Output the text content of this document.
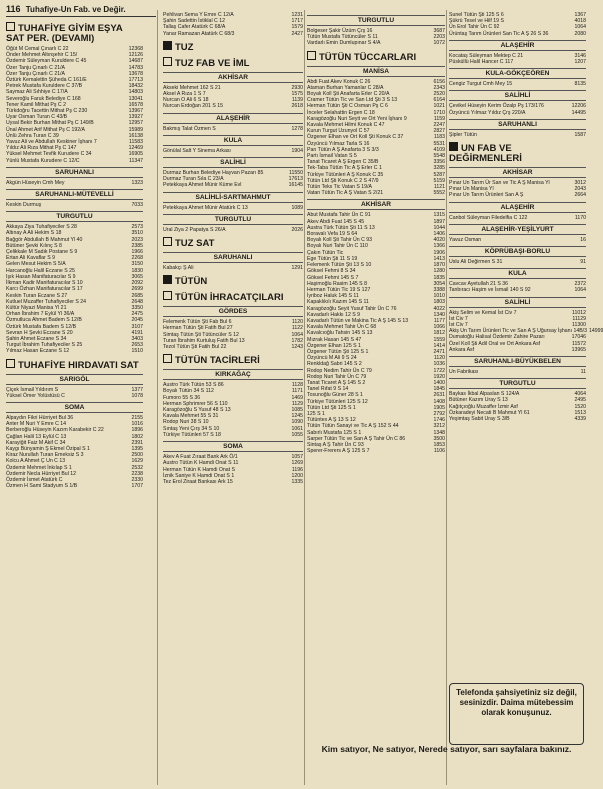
116 Tuhafiye-Un Fab. ve Değir.
TUHAFİYE GİYİM EŞYA SAT PER. (DEVAMI)
Öğüt M Cemal Çınarlı C 22	12368
Önder Mehmet Altınşehir C 15/	12126
Özdemir Süleyman Kuruldere C 45	14687
Özer Tanju Çınarlı C 21/A	14783
Özer Tanju Çınarlı C 21/A	13678
Öztürk Kemalettin Şüheda C 161/E	17713
Petrek Mustafa Kuruldere C 37/B	18432
Saymaz Ali Sıhhiye C 17/A	14803
Severoğlu Faruk Belediye C 168	13041
Tener Kamil Mithat Pş C 2	16578
Türkdoğru Tacettin Mithat Pş C 230	13967
Uyar Osman Turan C 43/B	13927
Uysal Bekir Burhan Mithat Pş C 149/B	12957
Ünal Ahmet Arif Mithat Pş C 192/A	15989
Ünlü Zehra Turan C 39	16138
Yavuz Ali ve Abdullah Keskiner İşhanı 7	11583
Yıldız Ali Rıza Mithat Pş C 147	12469
Yüksel Mehmet Tevfik Kurudere C 34	16905
Yünlü Mustafa Kurudere C 12/C	11347
SARUHANLI
Akgün Hüseyin Cmh Mey	1323
SARUHANLI-MÜTEVELLİ
Keskin Durmuş	7033
TURGUTLU
Akkaya Ziya Tuhafiyeciler S 28	2573
Altınay A Ali Hekim S 18	3510
Bağgör Abdullah B Mahmut Yl 40	2023
Bütüner Şevki Kılınç S 8	2385
Çelikkale M Sadık Postane S 9	1966
Ertan Ali Kavaflar S 9	2268
Gelen Mesut Hekim S 5/A	3150
Harcanoğlu Halil Eczane S 25	1830
Işık Hasan Manifaturacılar S 9	3065
İlkman Kadir Manifaturacılar S 10	2092
Karcı Özhan Manifaturacılar S 17	2699
Keskin Turan Eczane S 27	2685
Kutluel Muzaffer Tuhafiyeciler S 24	2648
Kültür Niyazi Manisa Yl 21	3350
Orhan İbrahim 7 Eylül Yl 36/A	2475
Özmutluca Ahmet Badem S 12/B	2045
Öztürk Mustafa Badem S 12/B	3107
Sevran H Şevki Eczane S 20	4191
Şahin Ahmet Eczane S 34	3403
Turgut İbrahim Tuhafiyeciler S 25	2653
Yılmaz Hasan Eczane S 12	1510
TUHAFİYE HIRDAVATI SAT
SARIGÖL
Çiçek İsmail Yıldırım S	1377
Yüksel Ömer Yolüstüsü C	1078
SOMA
Alpaydın Fikri Hürriyet Bul 36	2155
Anter M Nuri Y Emre C 14	1016
Berberoğlu Hüseyin Kazım Karabekir C 22	1896
Çağlan Halil 13 Eylül C 13	1802
Karayiğit Faiz M Akif C 34	2391
Kaygı Bünyamin Ş Ekmel Özipal S 1	1395
Kiraz Nurullah Turan Emeksiz S 3	2500
Kolcu A Ahmet Ç Un C 13	1629
Özdemir Mehmet İnkılap S 1	2532
Özdemir Necla Hürriyet Bul 12	2238
Özdemir İsmet Atatürk C	2330
Özmen H Sami Stadyum S 1/B	1707
Pehlivan Sema Y Emre C 12/A	1231
Şahin Sadettin İstiklal C 12	1717
Tallaş Cafer Atatürk C 68/A	1579
Yanar Ramazan Atatürk C 68/3	2427
TUZ
TUZ FAB VE İML
AKHİSAR
Akseki Mehmet 162 S 21	2930
Aksel A Rıza 1 S 7	1575
Nurcan O Ali 6 S 18	1139
Nurcan Erdoğan 201 S 15	2618
ALAŞEHİR
Bakmış Talat Özmen S	1278
KULA
Gönülal Salt Y Sinema Arkası	1904
SALİHLİ
Durmaz Burhan Belediye Hayvan Pazarı 85	11550
Durmaz Turan Sıla C 23/A	17613
Petekkaya Ahmet Münir Küme Evl	16145
SALİHLİ-SARTMAHMUT
Petekkaya Ahmet Münir Atatürk C 13	1089
TURGUTLU
Ural Ziya 2 Papatya S 26/A	2026
TUZ SAT
SARUHANLI
Kabakçı Ş Ali	1291
TÜTÜN
TÜTÜN İHRACATÇILARI
GÖRDES
Felemenk Tütün Şti Fab Bul 6	1120
Herman Tütün Şti Fatih Bul 27	1122
Simtaş Tütün Şti Tütüncüler S 12	1064
Turan İbrahim Kurtuluş Fatih Bul 13	1782
Tezol Tütün Şti Fatih Bul 22	1243
TÜTÜN TACİRLERİ
KIRKAĞAÇ
Austro Türk Tütün 53 S 86	1128
Boyalı Tütün 34 S 112	1171
Fumoro 55 S 36	1469
Herman Sphrimrer 56 S 110	1129
Karagözoğlu S Yusuf 48 S 13	1085
Kavala Mehmet 55 S 31	1245
Rodop Nuri 38 S 10	1090
Sıntaş Yeni Çırş 34 S 10	1061
Türkiye Tütünleri 57 S 18	1055
SOMA
Akev A Fuat Zıraat Bank Ark Ö/1	1057
Austro Tütün K Hamdi Onat S 11	1269
Herman Tütün K Hamdi Onat S	1196
İznik Saniye K Hamdi Onat S 1	1200
Tez Erol Ziraat Bankası Ark 15	1335
TURGUTLU
Bolgeser Şakir Üzüm Çrş 16	3687
Tütün Mustafa Tütüncüler S 11	2203
Vardarlı Emin Dumlupınar S 4/A	1072
TÜTÜN TÜCCARLARI
MANİSA
Abdi Fuat Akev Konuk C 26	6156
Ataman Burhan Yamanlar C 28/A	2343
Boyalı Koll Şti Anafarta Erler C 20/A	2520
Cramer Tütün Tic ve San Ltd Şti 3 S 13	6164
Herman Tütün Şti C Osman Pş C 6	1021
İnceler Selahattin Ergen C 18	1710
Karagözoğlu Nuri Seyit ve Ort Yeni İşhanı 9	1159
Kavala Mehmet Hilmi Konuk C 47	2247
Kurun Turgut Uzunyol C 57	2827
Özgener Elhan ve Ort Koll Şti Konuk C 37	1183
Özyüncü Yılmaz Tarla S 16	5531
Pan Tütün A Ş Anafarta 3 S 3/3	4109
Partı İsmail Vatan S 5	5548
Tanat Ticaret A Ş Ergen C 35/B	3356
Tek-Taba Tütün Tic A Ş Erler C 1	3285
Türkiye Tütünleri A Ş Konuk C 35	5287
Tütün Ltd Şti Konuk C 2 S 47/9	5159
Tütün Teks Tic Vatan S 19/A	1121
Vatan Tütün Tic A Ş Vatan S 2/21	5552
AKHİSAR
Abut Mustafa Tahir Ün C 91	1315
Akev Abdi Fuat 145 S 45	1897
Austra Türk Tütün Şti 11 S 13	1044
Boravalı Vefa 19 S 64	1406
Boyalı Koll Şti Tahir Ün C 93	4020
Boyalı Nuri Tahir Ün C 110	1366
Çakın Tütün Tic	1906
Ege Tütün Şti 11 S 19	1413
Felemenk Tütün Şti 13 S 10	1870
Göksel Fehmi 8 S 34	1280
Göksel Fehmi 145 S 7	1835
Haşimoğlu Rasim 145 S 8	3054
Herman Tütün Tic 19 S 127	3388
İyriboz Haluk 145 S 11	1010
Kapaklıkılı Kazım 145 S 11	1803
Karagözoğlu Seyit Yusuf Tahir Ün C 76	4022
Kavadarlı Hakkı 12 S 9	1340
Kavadarlı Tütün ve Makina Tic A Ş 145 S 13	1177
Kavala Mehmet Tahir Ün C 68	1066
Kavalcıoğlu Tahsin 145 S 13	1812
Mızrak Hasan 145 S 47	1559
Özgener Elhan 125 S 1	1414
Özgener Tütün Şti 125 S 1	2471
Özyüncü M Ali 9 S 24	1120
Renkldağ Sabri 145 S 2	1036
Rodop Nedim Tahir Ün C 79	1722
Rodop Nuri Tahir Ün C 79	1920
Tanat Ticaret A Ş 145 S 2	1400
Tanel Rıfat 9 S 14	1845
Tosunoğlu Güner 28 S 1	2631
Türkiye Tütünleri 125 S 12	1408
Tütün Ltd Şti 125 S 1	1905
125 S 1	2792
Tütüntex A Ş 13 S 12	1746
Tütün Tütün Sanayi ve Tic A Ş 152 S 44	3212
Sabırlı Mustafa 125 S 1	1348
Sarper Tütün Tic ve San A Ş Tahir Ün C 86	3500
Sintaş A Ş Tahir Ün C 93	1853
Sperer-Frerers A Ş 125 S 7	1106
Sunel Tütün Şti 125 S 6	1367
Şükrü Tesel ve Hilf 19 S	4018
Ün Erol Tahir Ün C 92	1064
Ürüntaş Tarım Ürünleri San Tic A Ş 26 S 36	2080
ALAŞEHİR
Kocataş Süleyman Mektep C 21	3146
Püsküllü Halil Hancer C 117	1207
KULA-GÖKÇEÖREN
Cengiz Turgut Cmh Mey 15	8135
SALİHLİ
Çevikel Hüseyin Kerim Özalp Pş 173/176	12206
Özyüncü Yılmaz Yıldız Çrş 220/A	14495
SARUHANLI
Şipler Tütün	1587
UN FAB VE DEĞİRMENLERİ
AKHİSAR
Pınar Un Tarım Ür San ve Tic A Ş Manisa Yl	3012
Pınar Un Manisa Yl	2043
Pınar Un Tarım Ürünleri San A Ş	2664
ALAŞEHİR
Canbol Süleyman Filedelfia C 122	1170
ALAŞEHİR-YEŞİLYURT
Yavuz Osman	16
KÖPRÜBAŞI-BORLU
Uslu Ali Değirmen S 31	91
KULA
Cavcav Ayetullah 21 S 36	2372
Tanbıracı Haşim ve İsmail 140 S 92	1064
SALİHLİ
Akiş Selim ve Kemal İst Civ 7	11012
İst Civ 7	11129
İst Civ 7	11300
Akiş Un Tarım Ürünleri Tic ve San A Ş Uğursay İşhanı 14B/3 14999
Dumatoğlu Halisal Özdemir Zahire Pazarı	17046
Özel Koll Şti Adil Oral ve Ort Ankara Asf	11572
Ankara Asf	13965
SARUHANLI-BÜYÜKBELEN
Un Fabrikası	11
TURGUTLU
Baykas İkbal Alpaslan S 124/A	4064
Bütüner Kazım Uray S 13	2495
Kağıtçıoğlu Muzaffer İzmir Asf	1520
Özkaradeyi Necati B Mahmut Yl 61	1513
Yeşimtaş Sabit Uray S 3/B	4339
Telefonda şahsiyetiniz siz değil, sesinizdir. Daima mütebessim olarak konuşunuz.
Kim satıyor, Ne satıyor, Nerede satıyor, sarı sayfalara bakınız.
